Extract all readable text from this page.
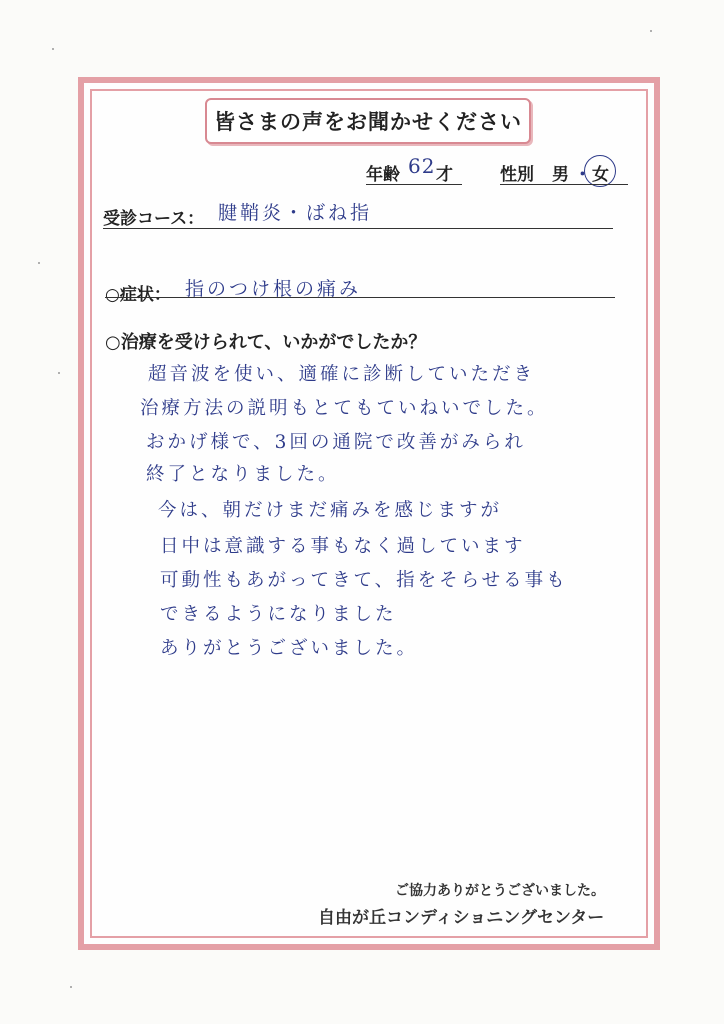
皆さまの声をお聞かせください
年齢 62 才	性別 男 ・ 女
受診コース： 腱鞘炎・ばね指
○症状： 指のつけ根の痛み
○治療を受けられて、いかがでしたか？
超音波を使い、適確に診断していただき
治療方法の説明もとてもていねいでした。
おかげ様で、3回の通院で改善がみられ
終了となりました。
今は、朝だけまだ痛みを感じますが
日中は意識する事もなく過しています
可動性もあがってきて、指をそらせる事も
できるようになりました
ありがとうございました。
ご協力ありがとうございました。
自由が丘コンディショニングセンター
